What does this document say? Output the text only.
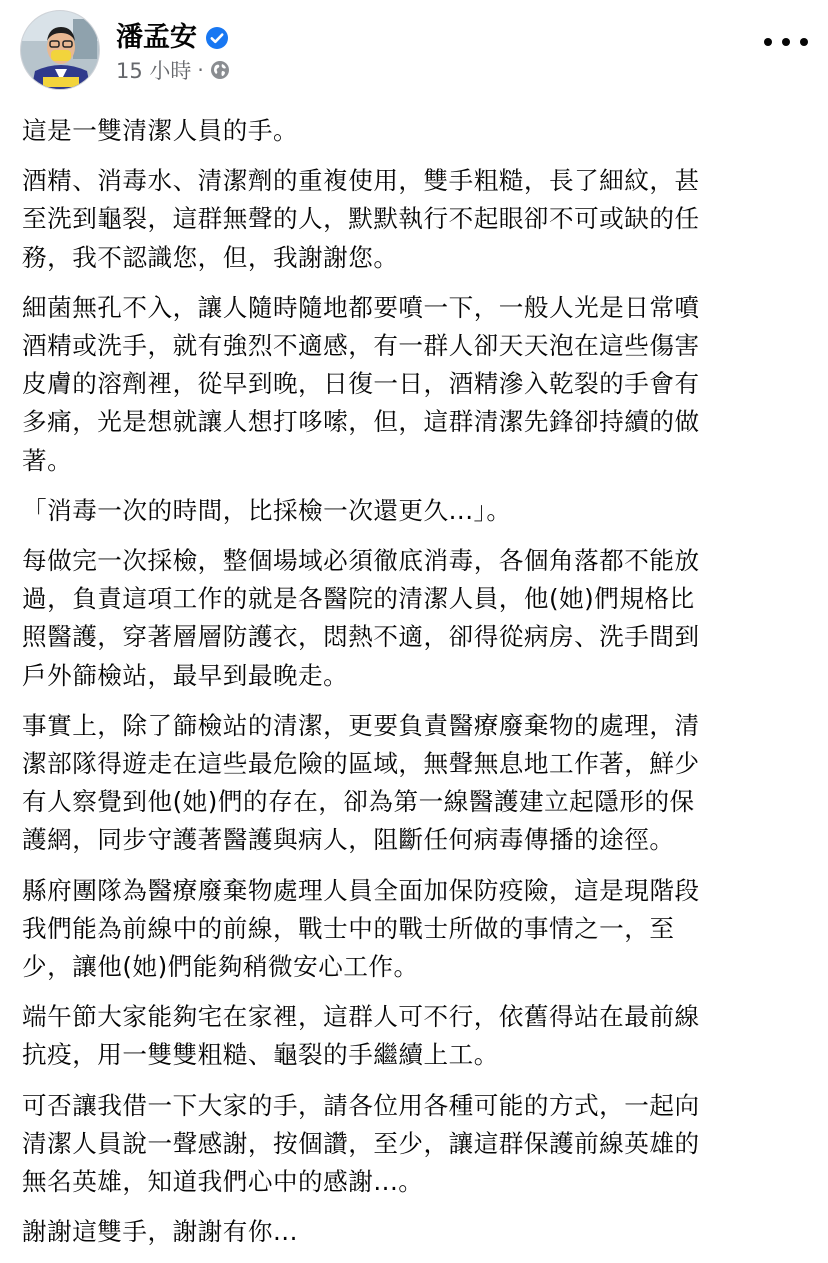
潘孟安
15 小時 ·

這是一雙清潔人員的手。

酒精、消毒水、清潔劑的重複使用，雙手粗糙，長了細紋，甚
至洗到龜裂，這群無聲的人，默默執行不起眼卻不可或缺的任
務，我不認識您，但，我謝謝您。

細菌無孔不入，讓人隨時隨地都要噴一下，一般人光是日常噴
酒精或洗手，就有強烈不適感，有一群人卻天天泡在這些傷害
皮膚的溶劑裡，從早到晚，日復一日，酒精滲入乾裂的手會有
多痛，光是想就讓人想打哆嗦，但，這群清潔先鋒卻持續的做
著。

「消毒一次的時間，比採檢一次還更久...」。

每做完一次採檢，整個場域必須徹底消毒，各個角落都不能放
過，負責這項工作的就是各醫院的清潔人員，他(她)們規格比
照醫護，穿著層層防護衣，悶熱不適，卻得從病房、洗手間到
戶外篩檢站，最早到最晚走。

事實上，除了篩檢站的清潔，更要負責醫療廢棄物的處理，清
潔部隊得遊走在這些最危險的區域，無聲無息地工作著，鮮少
有人察覺到他(她)們的存在，卻為第一線醫護建立起隱形的保
護網，同步守護著醫護與病人，阻斷任何病毒傳播的途徑。

縣府團隊為醫療廢棄物處理人員全面加保防疫險，這是現階段
我們能為前線中的前線，戰士中的戰士所做的事情之一，至
少，讓他(她)們能夠稍微安心工作。

端午節大家能夠宅在家裡，這群人可不行，依舊得站在最前線
抗疫，用一雙雙粗糙、龜裂的手繼續上工。

可否讓我借一下大家的手，請各位用各種可能的方式，一起向
清潔人員說一聲感謝，按個讚，至少，讓這群保護前線英雄的
無名英雄，知道我們心中的感謝...。

謝謝這雙手，謝謝有你...
